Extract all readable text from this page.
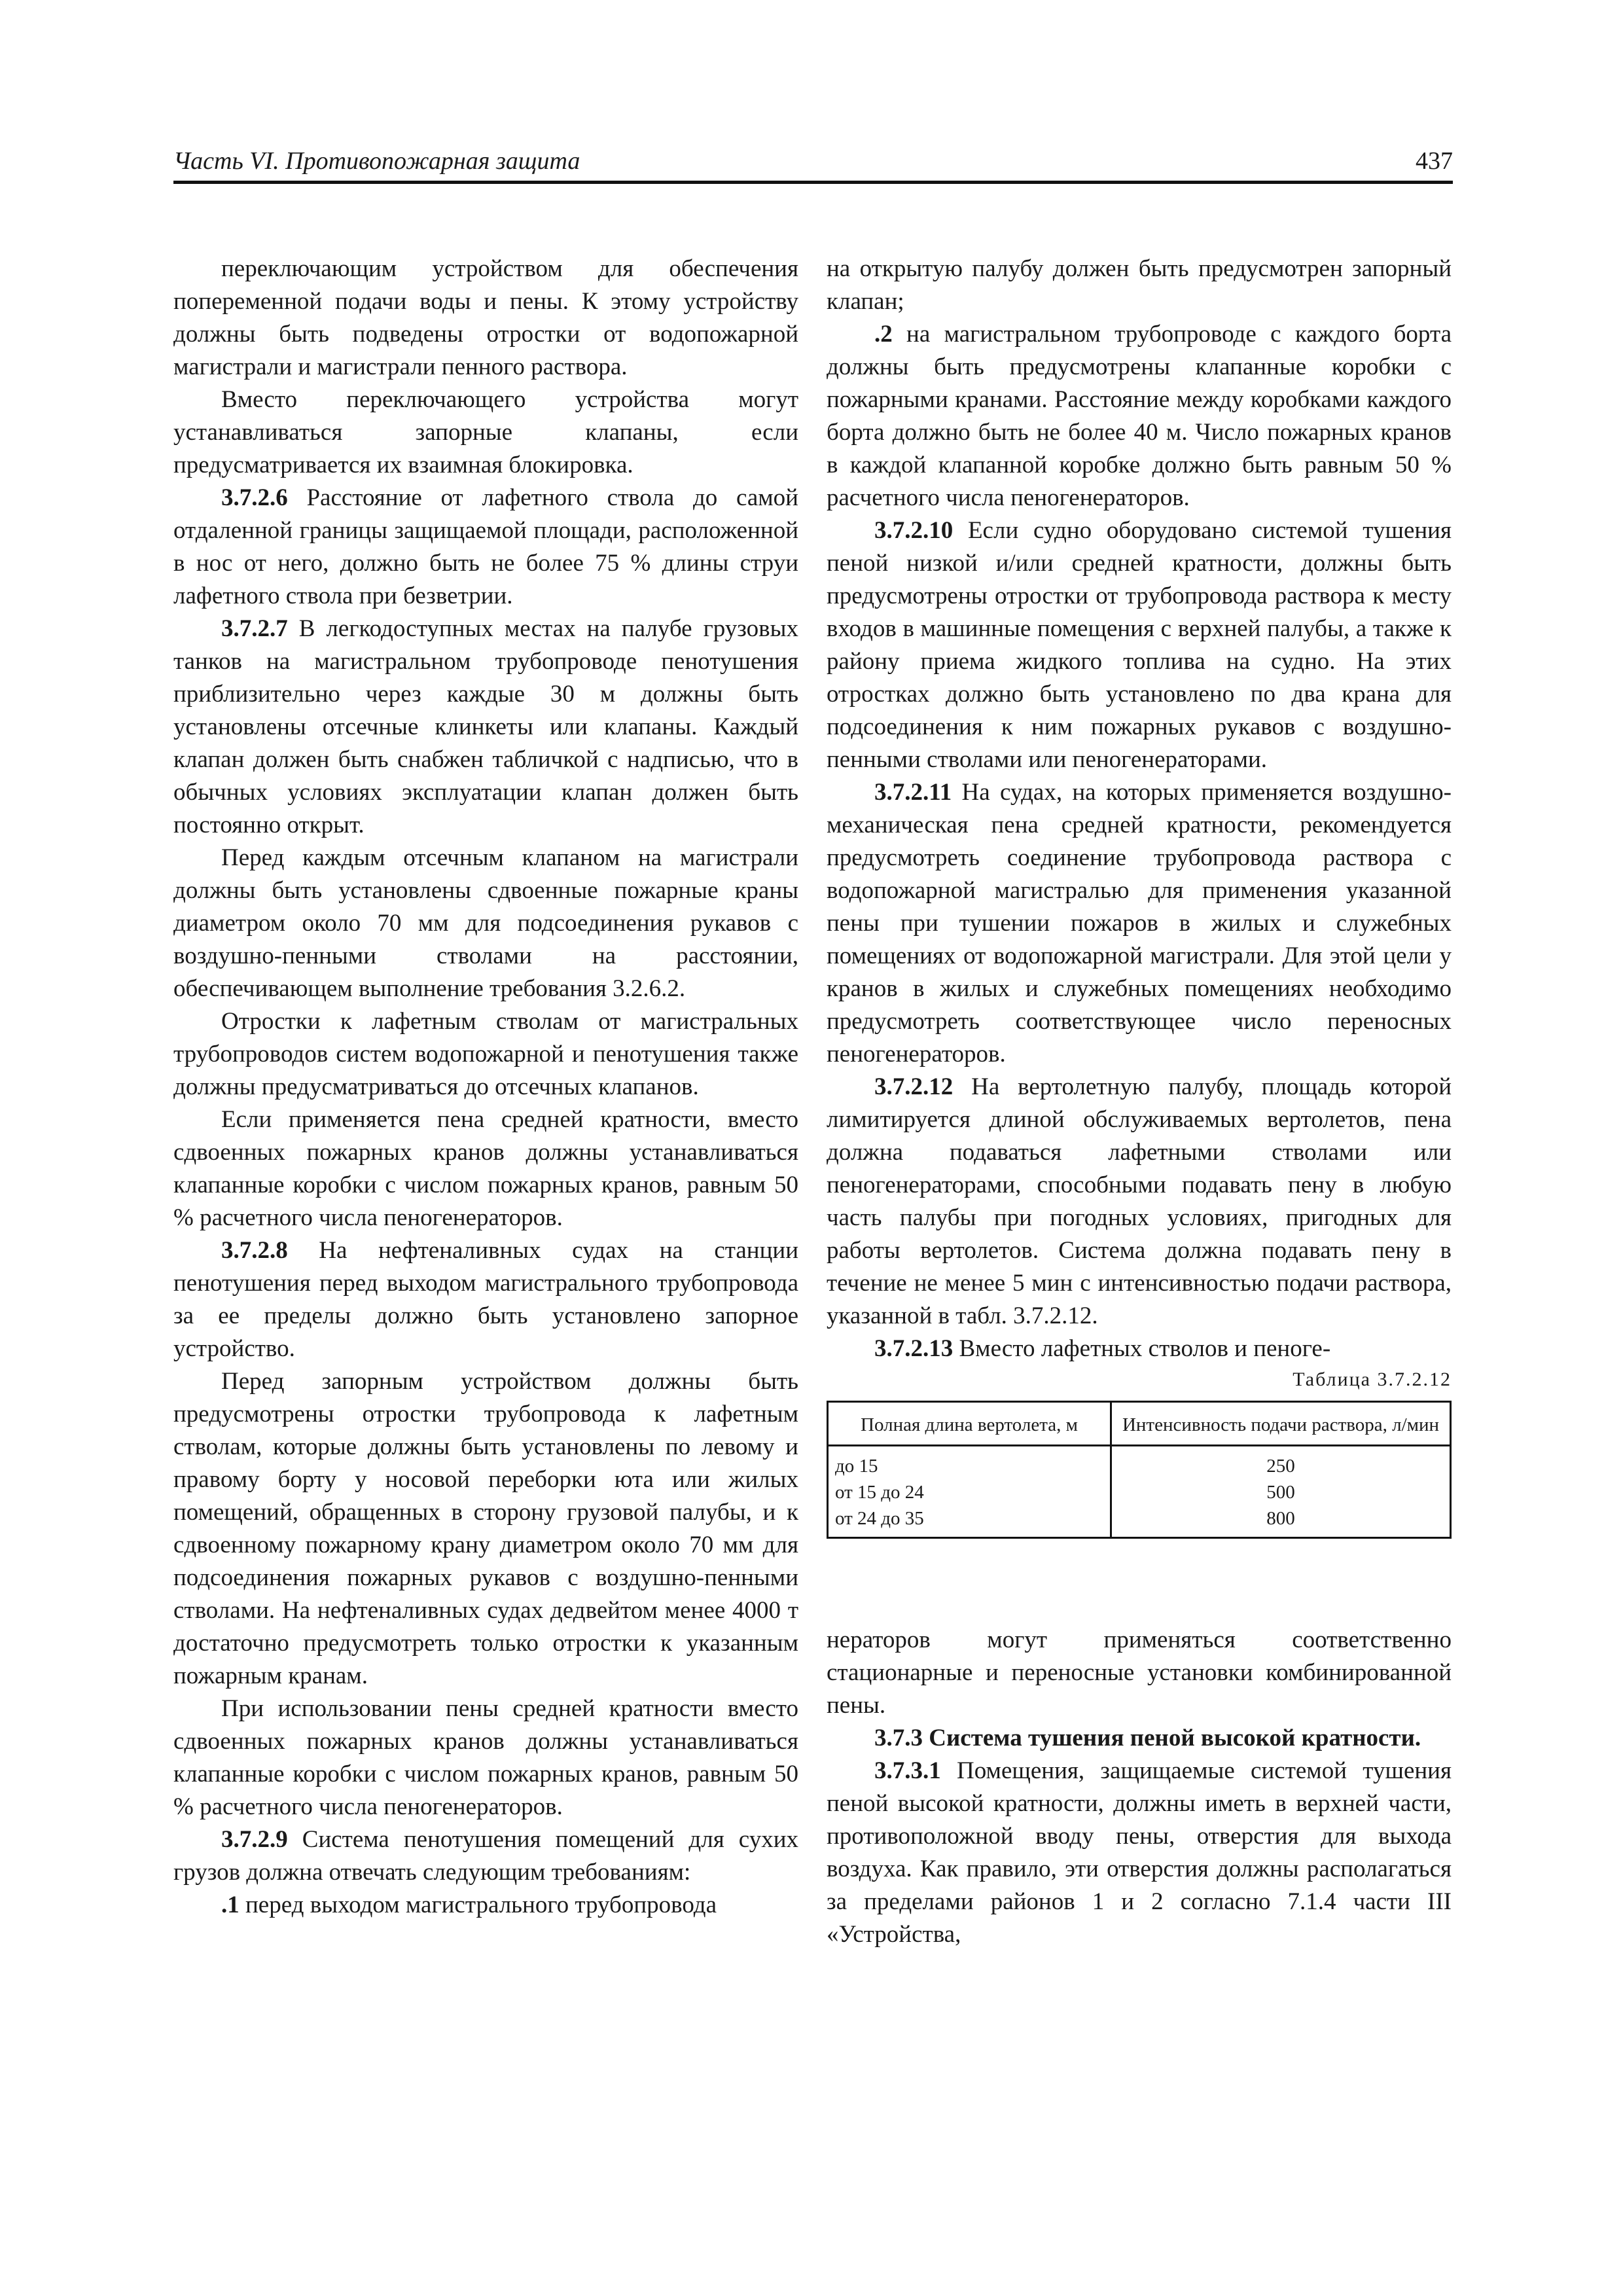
Часть VI. Противопожарная защита	437

переключающим устройством для обеспечения попеременной подачи воды и пены. К этому устройству должны быть подведены отростки от водопожарной магистрали и магистрали пенного раствора.

Вместо переключающего устройства могут устанавливаться запорные клапаны, если предусматривается их взаимная блокировка.

3.7.2.6 Расстояние от лафетного ствола до самой отдаленной границы защищаемой площади, расположенной в нос от него, должно быть не более 75 % длины струи лафетного ствола при безветрии.

3.7.2.7 В легкодоступных местах на палубе грузовых танков на магистральном трубопроводе пенотушения приблизительно через каждые 30 м должны быть установлены отсечные клинкеты или клапаны. Каждый клапан должен быть снабжен табличкой с надписью, что в обычных условиях эксплуатации клапан должен быть постоянно открыт.

Перед каждым отсечным клапаном на магистрали должны быть установлены сдвоенные пожарные краны диаметром около 70 мм для подсоединения рукавов с воздушно-пенными стволами на расстоянии, обеспечивающем выполнение требования 3.2.6.2.

Отростки к лафетным стволам от магистральных трубопроводов систем водопожарной и пенотушения также должны предусматриваться до отсечных клапанов.

Если применяется пена средней кратности, вместо сдвоенных пожарных кранов должны устанавливаться клапанные коробки с числом пожарных кранов, равным 50 % расчетного числа пеногенераторов.

3.7.2.8 На нефтеналивных судах на станции пенотушения перед выходом магистрального трубопровода за ее пределы должно быть установлено запорное устройство.

Перед запорным устройством должны быть предусмотрены отростки трубопровода к лафетным стволам, которые должны быть установлены по левому и правому борту у носовой переборки юта или жилых помещений, обращенных в сторону грузовой палубы, и к сдвоенному пожарному крану диаметром около 70 мм для подсоединения пожарных рукавов с воздушно-пенными стволами. На нефтеналивных судах дедвейтом менее 4000 т достаточно предусмотреть только отростки к указанным пожарным кранам.

При использовании пены средней кратности вместо сдвоенных пожарных кранов должны устанавливаться клапанные коробки с числом пожарных кранов, равным 50 % расчетного числа пеногенераторов.

3.7.2.9 Система пенотушения помещений для сухих грузов должна отвечать следующим требованиям:

.1 перед выходом магистрального трубопровода

на открытую палубу должен быть предусмотрен запорный клапан;

.2 на магистральном трубопроводе с каждого борта должны быть предусмотрены клапанные коробки с пожарными кранами. Расстояние между коробками каждого борта должно быть не более 40 м. Число пожарных кранов в каждой клапанной коробке должно быть равным 50 % расчетного числа пеногенераторов.

3.7.2.10 Если судно оборудовано системой тушения пеной низкой и/или средней кратности, должны быть предусмотрены отростки от трубопровода раствора к месту входов в машинные помещения с верхней палубы, а также к району приема жидкого топлива на судно. На этих отростках должно быть установлено по два крана для подсоединения к ним пожарных рукавов с воздушно-пенными стволами или пеногенераторами.

3.7.2.11 На судах, на которых применяется воздушно-механическая пена средней кратности, рекомендуется предусмотреть соединение трубопровода раствора с водопожарной магистралью для применения указанной пены при тушении пожаров в жилых и служебных помещениях от водопожарной магистрали. Для этой цели у кранов в жилых и служебных помещениях необходимо предусмотреть соответствующее число переносных пеногенераторов.

3.7.2.12 На вертолетную палубу, площадь которой лимитируется длиной обслуживаемых вертолетов, пена должна подаваться лафетными стволами или пеногенераторами, способными подавать пену в любую часть палубы при погодных условиях, пригодных для работы вертолетов. Система должна подавать пену в течение не менее 5 мин с интенсивностью подачи раствора, указанной в табл. 3.7.2.12.

3.7.2.13 Вместо лафетных стволов и пеноге-

Таблица 3.7.2.12
Полная длина вертолета, м	Интенсивность подачи раствора, л/мин
до 15	250
от 15 до 24	500
от 24 до 35	800

нераторов могут применяться соответственно стационарные и переносные установки комбинированной пены.

3.7.3 Система тушения пеной высокой кратности.

3.7.3.1 Помещения, защищаемые системой тушения пеной высокой кратности, должны иметь в верхней части, противоположной вводу пены, отверстия для выхода воздуха. Как правило, эти отверстия должны располагаться за пределами районов 1 и 2 согласно 7.1.4 части III «Устройства,
